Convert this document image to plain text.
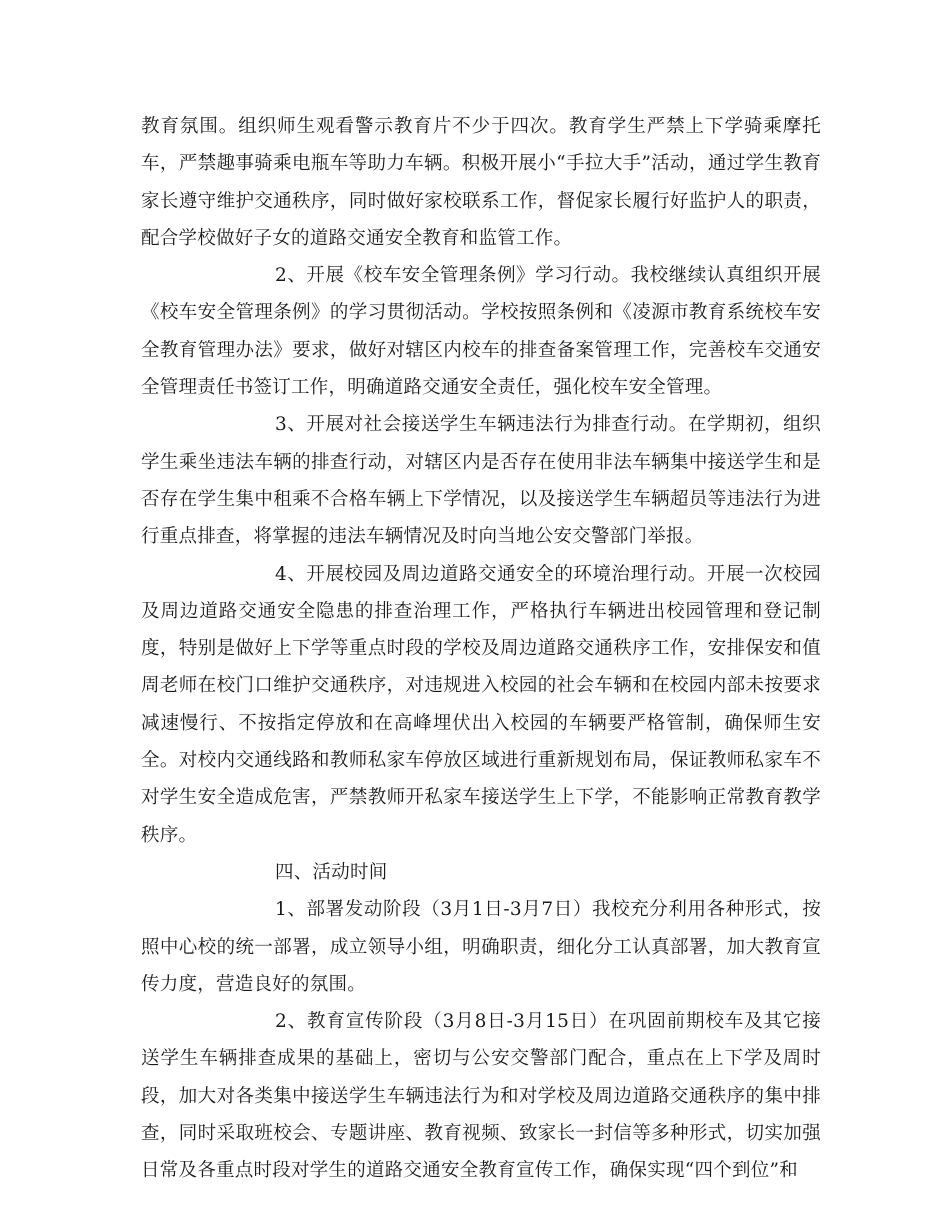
教育氛围。组织师生观看警示教育片不少于四次。教育学生严禁上下学骑乘摩托车，严禁趣事骑乘电瓶车等助力车辆。积极开展小“手拉大手”活动，通过学生教育家长遵守维护交通秩序，同时做好家校联系工作，督促家长履行好监护人的职责，配合学校做好子女的道路交通安全教育和监管工作。

2、开展《校车安全管理条例》学习行动。我校继续认真组织开展《校车安全管理条例》的学习贯彻活动。学校按照条例和《凌源市教育系统校车安全教育管理办法》要求，做好对辖区内校车的排查备案管理工作，完善校车交通安全管理责任书签订工作，明确道路交通安全责任，强化校车安全管理。

3、开展对社会接送学生车辆违法行为排查行动。在学期初，组织学生乘坐违法车辆的排查行动，对辖区内是否存在使用非法车辆集中接送学生和是否存在学生集中租乘不合格车辆上下学情况，以及接送学生车辆超员等违法行为进行重点排查，将掌握的违法车辆情况及时向当地公安交警部门举报。

4、开展校园及周边道路交通安全的环境治理行动。开展一次校园及周边道路交通安全隐患的排查治理工作，严格执行车辆进出校园管理和登记制度，特别是做好上下学等重点时段的学校及周边道路交通秩序工作，安排保安和值周老师在校门口维护交通秩序，对违规进入校园的社会车辆和在校园内部未按要求减速慢行、不按指定停放和在高峰埋伏出入校园的车辆要严格管制，确保师生安全。对校内交通线路和教师私家车停放区域进行重新规划布局，保证教师私家车不对学生安全造成危害，严禁教师开私家车接送学生上下学，不能影响正常教育教学秩序。

四、活动时间

1、部署发动阶段（3月1日-3月7日）我校充分利用各种形式，按照中心校的统一部署，成立领导小组，明确职责，细化分工认真部署，加大教育宣传力度，营造良好的氛围。

2、教育宣传阶段（3月8日-3月15日）在巩固前期校车及其它接送学生车辆排查成果的基础上，密切与公安交警部门配合，重点在上下学及周时段，加大对各类集中接送学生车辆违法行为和对学校及周边道路交通秩序的集中排查，同时采取班校会、专题讲座、教育视频、致家长一封信等多种形式，切实加强日常及各重点时段对学生的道路交通安全教育宣传工作，确保实现“四个到位”和
